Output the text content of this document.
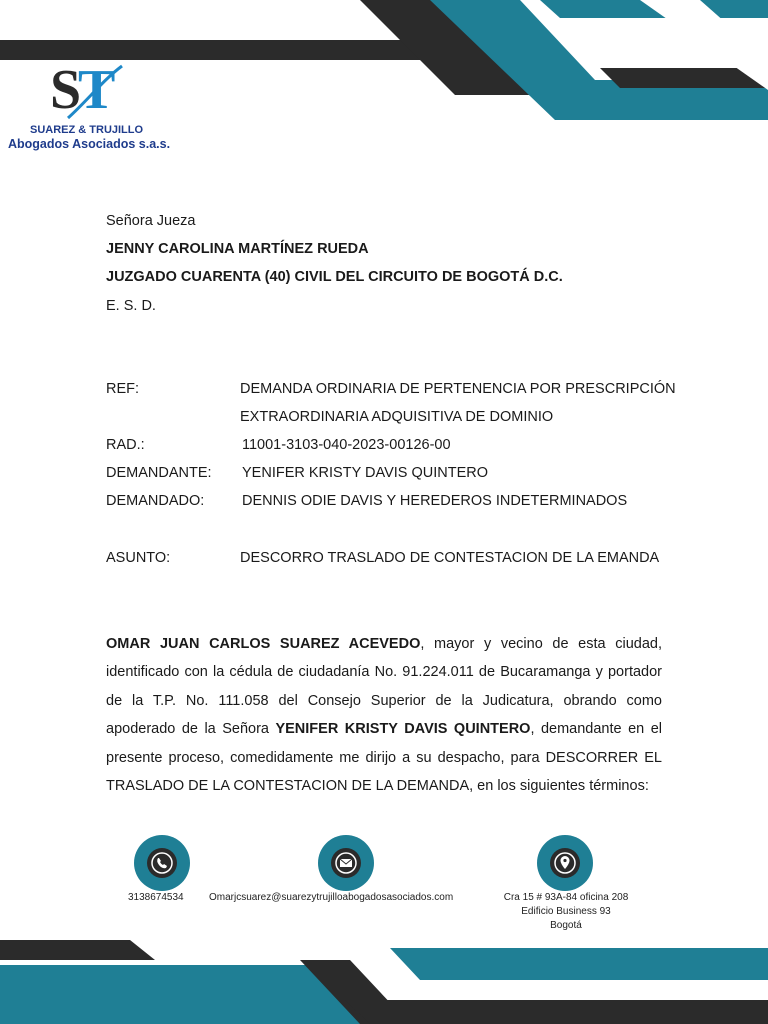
S
T
SUAREZ & TRUJILLO
Abogados Asociados s.a.s.
Señora Jueza
JENNY CAROLINA MARTÍNEZ RUEDA
JUZGADO CUARENTA (40) CIVIL DEL CIRCUITO DE BOGOTÁ D.C.
E. S. D.
REF:	DEMANDA ORDINARIA DE PERTENENCIA POR PRESCRIPCIÓN
EXTRAORDINARIA ADQUISITIVA DE DOMINIO
RAD.:	11001-3103-040-2023-00126-00
DEMANDANTE: YENIFER KRISTY DAVIS QUINTERO
DEMANDADO:	DENNIS ODIE DAVIS Y HEREDEROS INDETERMINADOS
ASUNTO:	DESCORRO TRASLADO DE CONTESTACION DE LA EMANDA
OMAR JUAN CARLOS SUAREZ ACEVEDO, mayor y vecino de esta ciudad, identificado con la cédula de ciudadanía No. 91.224.011 de Bucaramanga y portador de la T.P. No. 111.058 del Consejo Superior de la Judicatura, obrando como apoderado de la Señora YENIFER KRISTY DAVIS QUINTERO, demandante en el presente proceso, comedidamente me dirijo a su despacho, para DESCORRER EL TRASLADO DE LA CONTESTACION DE LA DEMANDA, en los siguientes términos:
3138674534	Omarjcsuarez@suarezytrujilloabogadosasociados.com	Cra 15 # 93A-84 oficina 208
Edificio Business 93
Bogotá
